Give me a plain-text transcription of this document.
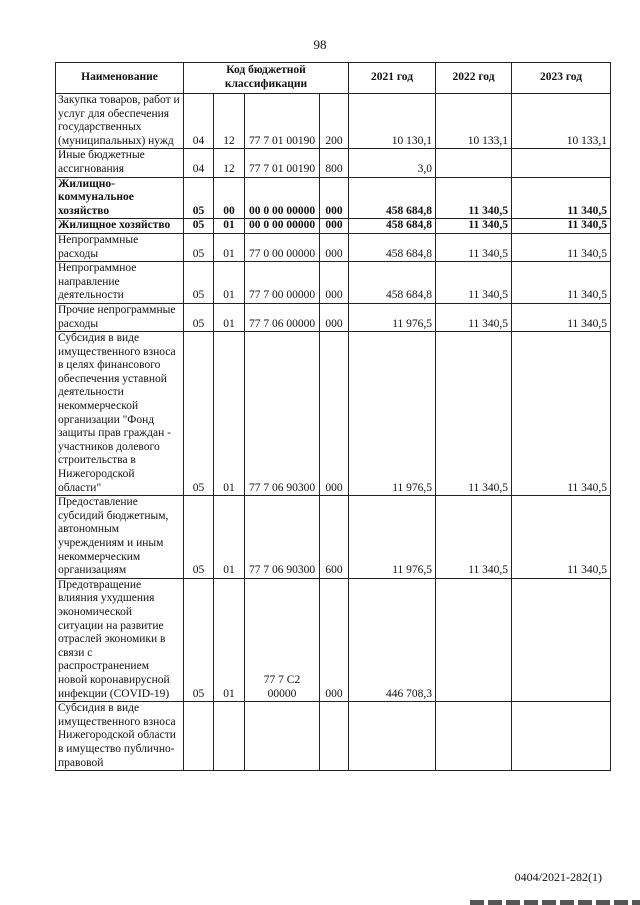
98
Наименование	Код бюджетной классификации				2021 год	2022 год	2023 год
Закупка товаров, работ и услуг для обеспечения государственных (муниципальных) нужд	04	12	77 7 01 00190	200	10 130,1	10 133,1	10 133,1
Иные бюджетные ассигнования	04	12	77 7 01 00190	800	3,0		
Жилищно-коммунальное хозяйство	05	00	00 0 00 00000	000	458 684,8	11 340,5	11 340,5
Жилищное хозяйство	05	01	00 0 00 00000	000	458 684,8	11 340,5	11 340,5
Непрограммные расходы	05	01	77 0 00 00000	000	458 684,8	11 340,5	11 340,5
Непрограммное направление деятельности	05	01	77 7 00 00000	000	458 684,8	11 340,5	11 340,5
Прочие непрограммные расходы	05	01	77 7 06 00000	000	11 976,5	11 340,5	11 340,5
Субсидия в виде имущественного взноса в целях финансового обеспечения уставной деятельности некоммерческой организации "Фонд защиты прав граждан - участников долевого строительства в Нижегородской области"	05	01	77 7 06 90300	000	11 976,5	11 340,5	11 340,5
Предоставление субсидий бюджетным, автономным учреждениям и иным некоммерческим организациям	05	01	77 7 06 90300	600	11 976,5	11 340,5	11 340,5
Предотвращение влияния ухудшения экономической ситуации на развитие отраслей экономики в связи с распространением новой коронавирусной инфекции (COVID-19)	05	01	77 7 С2 00000	000	446 708,3		
Субсидия в виде имущественного взноса Нижегородской области в имущество публично-правовой							
0404/2021-282(1)
